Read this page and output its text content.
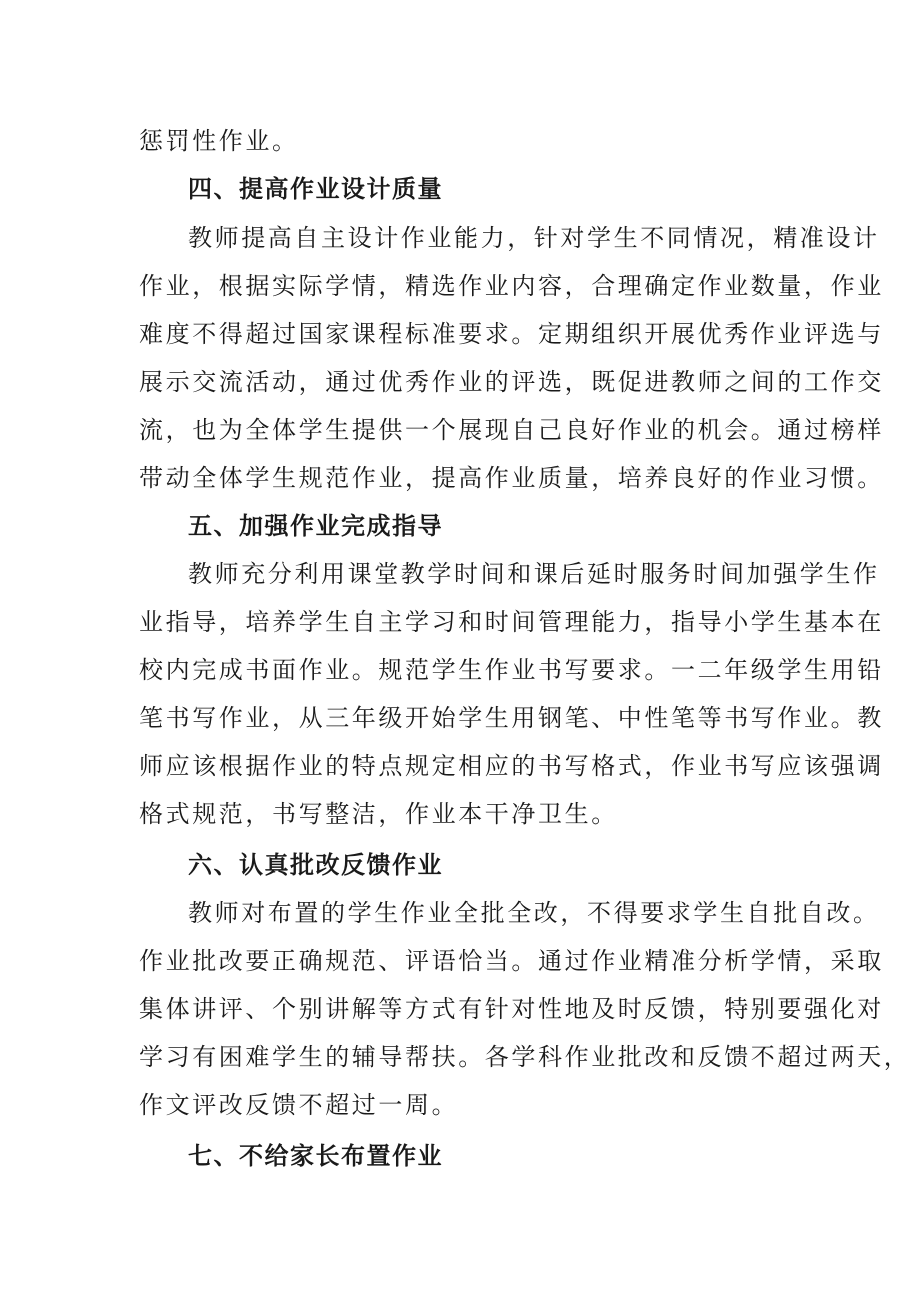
惩罚性作业。
四、提高作业设计质量
教师提高自主设计作业能力，针对学生不同情况，精准设计
作业，根据实际学情，精选作业内容，合理确定作业数量，作业
难度不得超过国家课程标准要求。定期组织开展优秀作业评选与
展示交流活动，通过优秀作业的评选，既促进教师之间的工作交
流，也为全体学生提供一个展现自己良好作业的机会。通过榜样
带动全体学生规范作业，提高作业质量，培养良好的作业习惯。
五、加强作业完成指导
教师充分利用课堂教学时间和课后延时服务时间加强学生作
业指导，培养学生自主学习和时间管理能力，指导小学生基本在
校内完成书面作业。规范学生作业书写要求。一二年级学生用铅
笔书写作业，从三年级开始学生用钢笔、中性笔等书写作业。教
师应该根据作业的特点规定相应的书写格式，作业书写应该强调
格式规范，书写整洁，作业本干净卫生。
六、认真批改反馈作业
教师对布置的学生作业全批全改，不得要求学生自批自改。
作业批改要正确规范、评语恰当。通过作业精准分析学情，采取
集体讲评、个别讲解等方式有针对性地及时反馈，特别要强化对
学习有困难学生的辅导帮扶。各学科作业批改和反馈不超过两天，
作文评改反馈不超过一周。
七、不给家长布置作业
